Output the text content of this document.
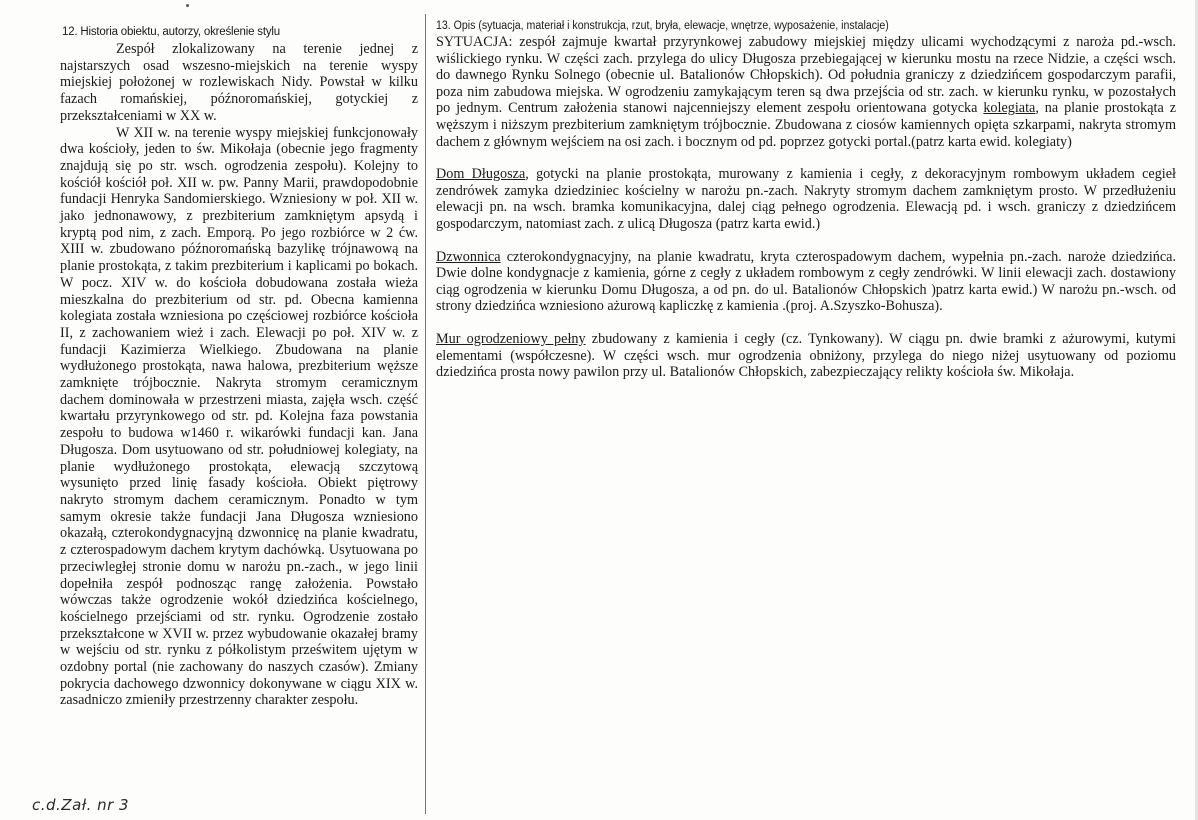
12. Historia obiektu, autorzy, określenie stylu

Zespół zlokalizowany na terenie jednej z najstarszych osad wszesno-miejskich na terenie wyspy miejskiej położonej w rozlewiskach Nidy. Powstał w kilku fazach romańskiej, późnoromańskiej, gotyckiej z przekształceniami w XX w.

W XII w. na terenie wyspy miejskiej funkcjonowały dwa kościoły, jeden to św. Mikołaja (obecnie jego fragmenty znajdują się po str. wsch. ogrodzenia zespołu). Kolejny to kościół kościół poł. XII w. pw. Panny Marii, prawdopodobnie fundacji Henryka Sandomierskiego. Wzniesiony w poł. XII w. jako jednonawowy, z prezbiterium zamkniętym apsydą i kryptą pod nim, z zach. Emporą. Po jego rozbiórce w 2 ćw. XIII w. zbudowano późnoromańską bazylikę trójnawową na planie prostokąta, z takim prezbiterium i kaplicami po bokach. W pocz. XIV w. do kościoła dobudowana została wieża mieszkalna do prezbiterium od str. pd. Obecna kamienna kolegiata została wzniesiona po częściowej rozbiórce kościoła II, z zachowaniem wież i zach. Elewacji po poł. XIV w. z fundacji Kazimierza Wielkiego. Zbudowana na planie wydłużonego prostokąta, nawa halowa, prezbiterium węższe zamknięte trójbocznie. Nakryta stromym ceramicznym dachem dominowała w przestrzeni miasta, zajęła wsch. część kwartału przyrynkowego od str. pd. Kolejna faza powstania zespołu to budowa w1460 r. wikarówki fundacji kan. Jana Długosza. Dom usytuowano od str. południowej kolegiaty, na planie wydłużonego prostokąta, elewacją szczytową wysunięto przed linię fasady kościoła. Obiekt piętrowy nakryto stromym dachem ceramicznym. Ponadto w tym samym okresie także fundacji Jana Długosza wzniesiono okazałą, czterokondygnacyjną dzwonnicę na planie kwadratu, z czterospadowym dachem krytym dachówką. Usytuowana po przeciwległej stronie domu w narożu pn.-zach., w jego linii dopełniła zespół podnosząc rangę założenia. Powstało wówczas także ogrodzenie wokół dziedzińca kościelnego, kościelnego przejściami od str. rynku. Ogrodzenie zostało przekształcone w XVII w. przez wybudowanie okazałej bramy w wejściu od str. rynku z półkolistym prześwitem ujętym w ozdobny portal (nie zachowany do naszych czasów). Zmiany pokrycia dachowego dzwonnicy dokonywane w ciągu XIX w. zasadniczo zmieniły przestrzenny charakter zespołu.

13. Opis (sytuacja, materiał i konstrukcja, rzut, bryła, elewacje, wnętrze, wyposażenie, instalacje)

SYTUACJA: zespół zajmuje kwartał przyrynkowej zabudowy miejskiej między ulicami wychodzącymi z naroża pd.-wsch. wiślickiego rynku. W części zach. przylega do ulicy Długosza przebiegającej w kierunku mostu na rzece Nidzie, a części wsch. do dawnego Rynku Solnego (obecnie ul. Batalionów Chłopskich). Od południa graniczy z dziedzińcem gospodarczym parafii, poza nim zabudowa miejska. W ogrodzeniu zamykającym teren są dwa przejścia od str. zach. w kierunku rynku, w pozostałych po jednym. Centrum założenia stanowi najcenniejszy element zespołu orientowana gotycka kolegiata, na planie prostokąta z węższym i niższym prezbiterium zamkniętym trójbocznie. Zbudowana z ciosów kamiennych opięta szkarpami, nakryta stromym dachem z głównym wejściem na osi zach. i bocznym od pd. poprzez gotycki portal.(patrz karta ewid. kolegiaty)

Dom Długosza, gotycki na planie prostokąta, murowany z kamienia i cegły, z dekoracyjnym rombowym układem cegieł zendrówek zamyka dziedziniec kościelny w narożu pn.-zach. Nakryty stromym dachem zamkniętym prosto. W przedłużeniu elewacji pn. na wsch. bramka komunikacyjna, dalej ciąg pełnego ogrodzenia. Elewacją pd. i wsch. graniczy z dziedzińcem gospodarczym, natomiast zach. z ulicą Długosza (patrz karta ewid.)

Dzwonnica czterokondygnacyjny, na planie kwadratu, kryta czterospadowym dachem, wypełnia pn.-zach. naroże dziedzińca. Dwie dolne kondygnacje z kamienia, górne z cegły z układem rombowym z cegły zendrówki. W linii elewacji zach. dostawiony ciąg ogrodzenia w kierunku Domu Długosza, a od pn. do ul. Batalionów Chłopskich )patrz karta ewid.) W narożu pn.-wsch. od strony dziedzińca wzniesiono ażurową kapliczkę z kamienia .(proj. A.Szyszko-Bohusza).

Mur ogrodzeniowy pełny zbudowany z kamienia i cegły (cz. Tynkowany). W ciągu pn. dwie bramki z ażurowymi, kutymi elementami (współczesne). W części wsch. mur ogrodzenia obniżony, przylega do niego niżej usytuowany od poziomu dziedzińca prosta nowy pawilon przy ul. Batalionów Chłopskich, zabezpieczający relikty kościoła św. Mikołaja.

c.d.Zał. nr 3
